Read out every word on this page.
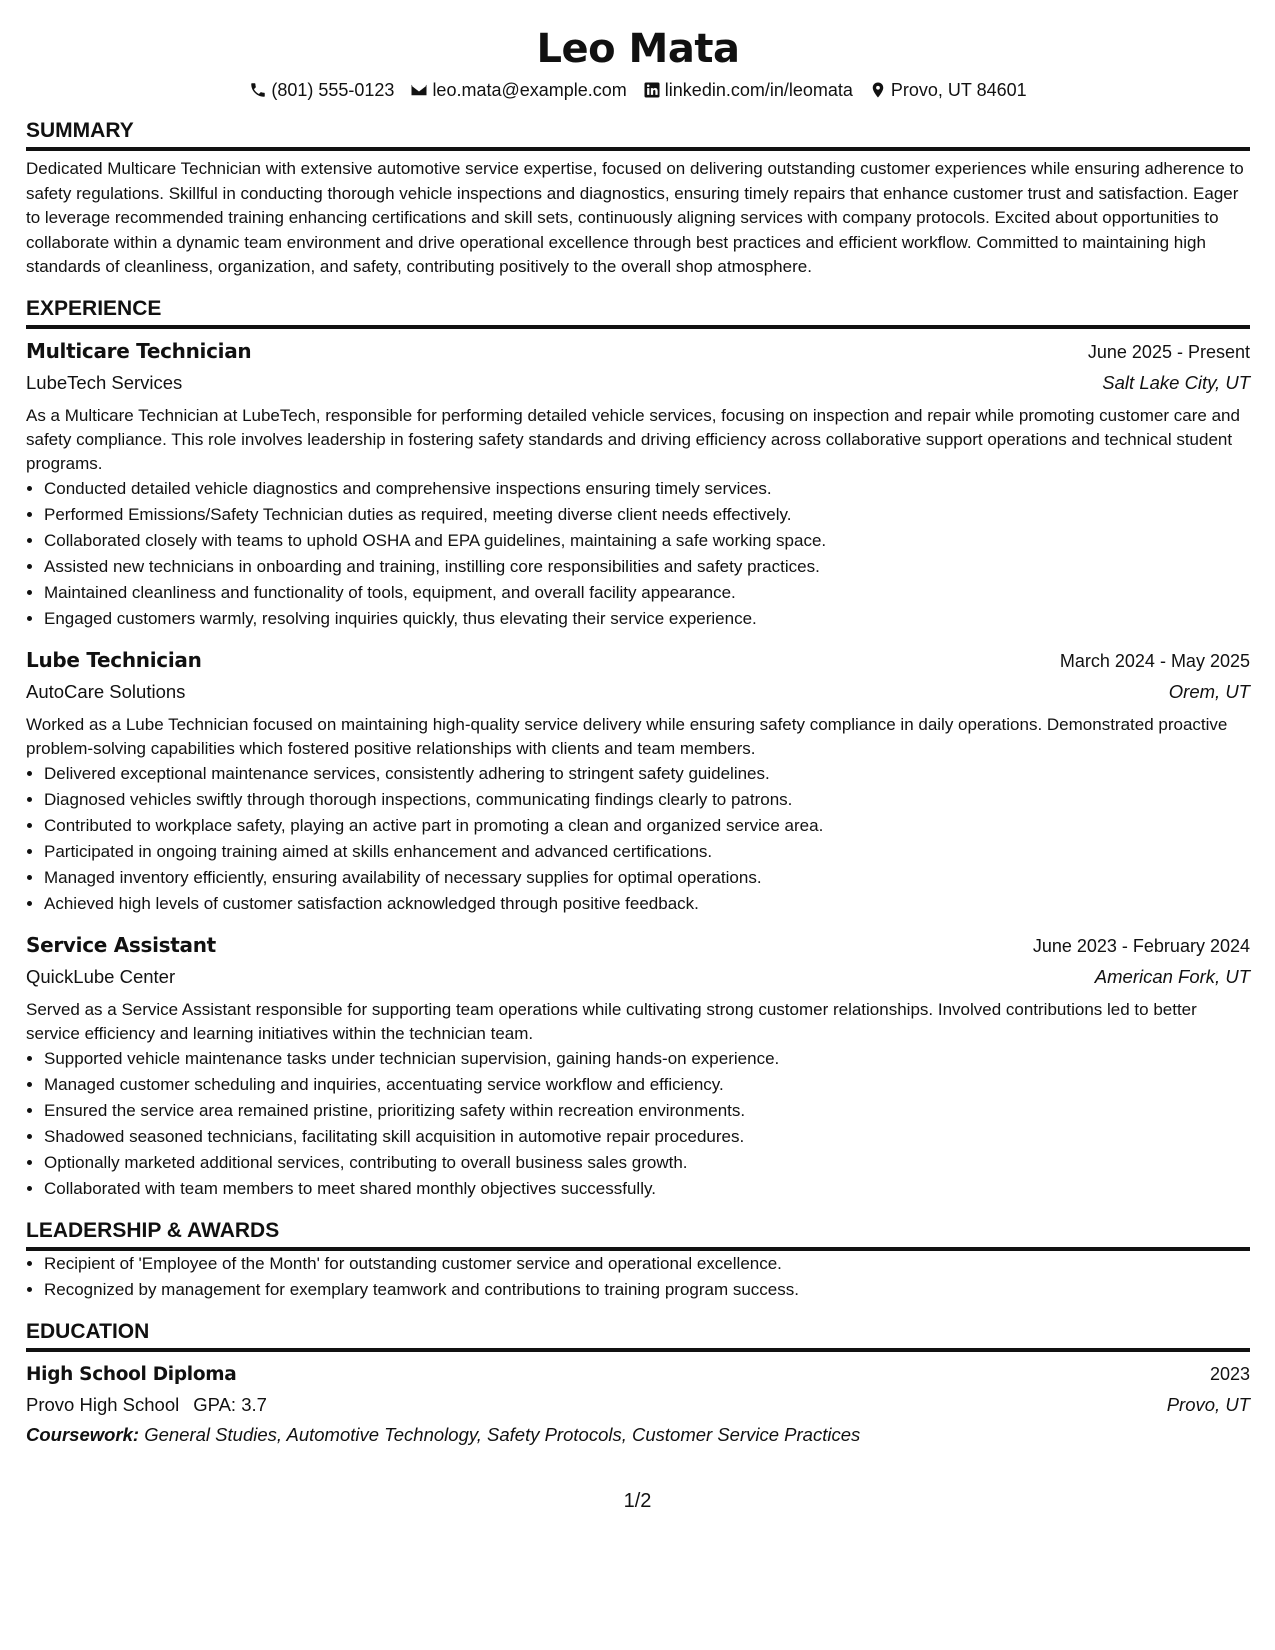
Leo Mata
(801) 555-0123 leo.mata@example.com linkedin.com/in/leomata Provo, UT 84601
SUMMARY

Dedicated Multicare Technician with extensive automotive service expertise, focused on delivering outstanding customer experiences while ensuring adherence to safety regulations. Skillful in conducting thorough vehicle inspections and diagnostics, ensuring timely repairs that enhance customer trust and satisfaction. Eager to leverage recommended training enhancing certifications and skill sets, continuously aligning services with company protocols. Excited about opportunities to collaborate within a dynamic team environment and drive operational excellence through best practices and efficient workflow. Committed to maintaining high standards of cleanliness, organization, and safety, contributing positively to the overall shop atmosphere.

EXPERIENCE
Multicare Technician	June 2025 - Present
LubeTech Services	Salt Lake City, UT

As a Multicare Technician at LubeTech, responsible for performing detailed vehicle services, focusing on inspection and repair while promoting customer care and safety compliance. This role involves leadership in fostering safety standards and driving efficiency across collaborative support operations and technical student programs.

• Conducted detailed vehicle diagnostics and comprehensive inspections ensuring timely services.
• Performed Emissions/Safety Technician duties as required, meeting diverse client needs effectively.
• Collaborated closely with teams to uphold OSHA and EPA guidelines, maintaining a safe working space.
• Assisted new technicians in onboarding and training, instilling core responsibilities and safety practices.
• Maintained cleanliness and functionality of tools, equipment, and overall facility appearance.
• Engaged customers warmly, resolving inquiries quickly, thus elevating their service experience.
Lube Technician	March 2024 - May 2025
AutoCare Solutions	Orem, UT

Worked as a Lube Technician focused on maintaining high-quality service delivery while ensuring safety compliance in daily operations. Demonstrated proactive problem-solving capabilities which fostered positive relationships with clients and team members.

• Delivered exceptional maintenance services, consistently adhering to stringent safety guidelines.
• Diagnosed vehicles swiftly through thorough inspections, communicating findings clearly to patrons.
• Contributed to workplace safety, playing an active part in promoting a clean and organized service area.
• Participated in ongoing training aimed at skills enhancement and advanced certifications.
• Managed inventory efficiently, ensuring availability of necessary supplies for optimal operations.
• Achieved high levels of customer satisfaction acknowledged through positive feedback.
Service Assistant	June 2023 - February 2024
QuickLube Center	American Fork, UT

Served as a Service Assistant responsible for supporting team operations while cultivating strong customer relationships. Involved contributions led to better service efficiency and learning initiatives within the technician team.

• Supported vehicle maintenance tasks under technician supervision, gaining hands-on experience.
• Managed customer scheduling and inquiries, accentuating service workflow and efficiency.
• Ensured the service area remained pristine, prioritizing safety within recreation environments.
• Shadowed seasoned technicians, facilitating skill acquisition in automotive repair procedures.
• Optionally marketed additional services, contributing to overall business sales growth.
• Collaborated with team members to meet shared monthly objectives successfully.
LEADERSHIP & AWARDS
• Recipient of 'Employee of the Month' for outstanding customer service and operational excellence.
• Recognized by management for exemplary teamwork and contributions to training program success.
EDUCATION
High School Diploma	2023
Provo High School GPA: 3.7	Provo, UT
Coursework: General Studies, Automotive Technology, Safety Protocols, Customer Service Practices
1/2
